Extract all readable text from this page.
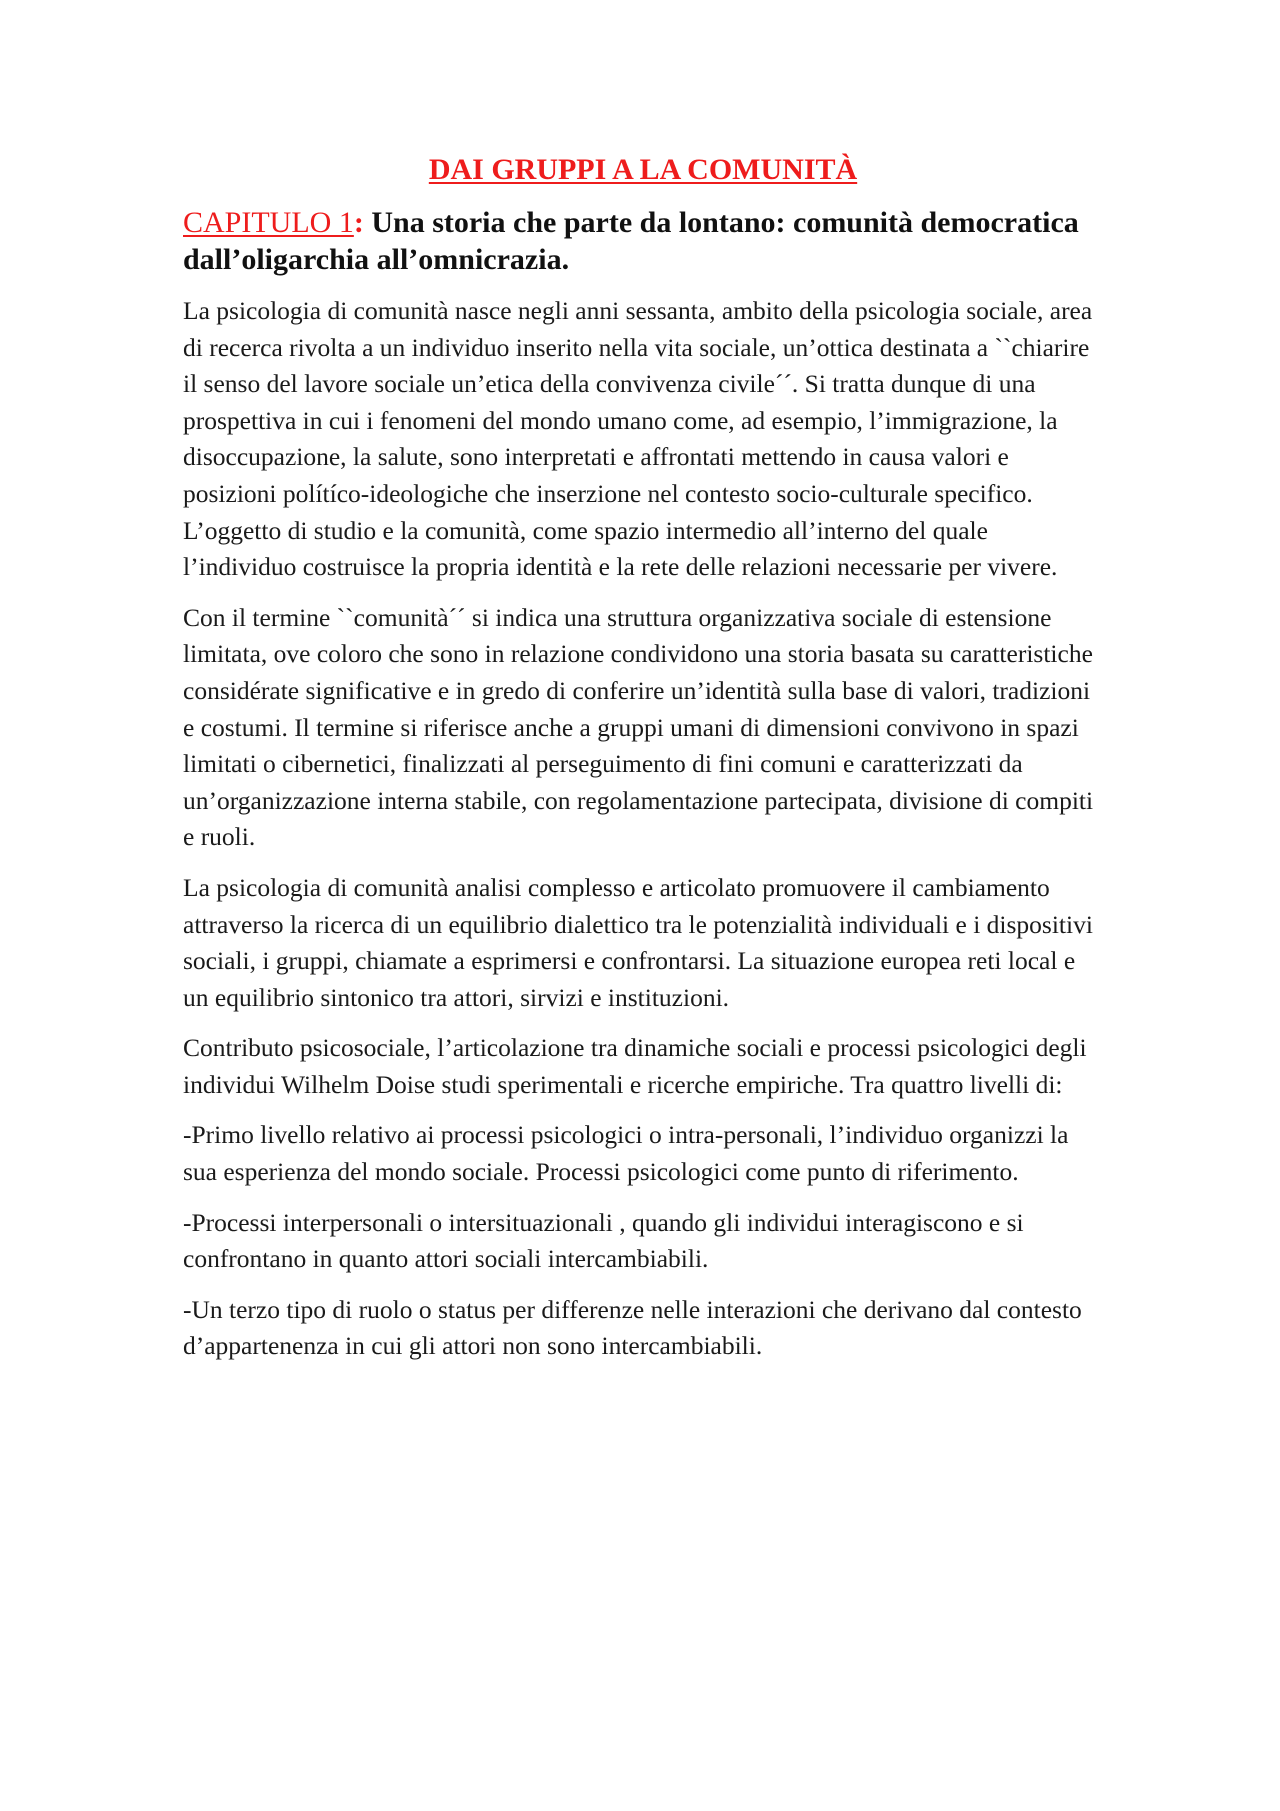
DAI GRUPPI A LA COMUNITÀ
CAPITULO 1: Una storia che parte da lontano: comunità democratica dall’oligarchia all’omnicrazia.

La psicologia di comunità nasce negli anni sessanta, ambito della psicologia sociale, area di recerca rivolta a un individuo inserito nella vita sociale, un’ottica destinata a ``chiarire il senso del lavore sociale un’etica della convivenza civile´´. Si tratta dunque di una prospettiva in cui i fenomeni del mondo umano come, ad esempio, l’immigrazione, la disoccupazione, la salute, sono interpretati e affrontati mettendo in causa valori e posizioni polítíco-ideologiche che inserzione nel contesto socio-culturale specifico. L’oggetto di studio e la comunità, come spazio intermedio all’interno del quale l’individuo costruisce la propria identità e la rete delle relazioni necessarie per vivere.

Con il termine ``comunità´´ si indica una struttura organizzativa sociale di estensione limitata, ove coloro che sono in relazione condividono una storia basata su caratteristiche considérate significative e in gredo di conferire un’identità sulla base di valori, tradizioni e costumi. Il termine si riferisce anche a gruppi umani di dimensioni convivono in spazi limitati o cibernetici, finalizzati al perseguimento di fini comuni e caratterizzati da un’organizzazione interna stabile, con regolamentazione partecipata, divisione di compiti e ruoli.

La psicologia di comunità analisi complesso e articolato promuovere il cambiamento attraverso la ricerca di un equilibrio dialettico tra le potenzialità individuali e i dispositivi sociali, i gruppi, chiamate a esprimersi e confrontarsi. La situazione europea reti local e un equilibrio sintonico tra attori, sirvizi e instituzioni.

Contributo psicosociale, l’articolazione tra dinamiche sociali e processi psicologici degli individui Wilhelm Doise studi sperimentali e ricerche empiriche. Tra quattro livelli di:

-Primo livello relativo ai processi psicologici o intra-personali, l’individuo organizzi la sua esperienza del mondo sociale. Processi psicologici come punto di riferimento.

-Processi interpersonali o intersituazionali , quando gli individui interagiscono e si confrontano in quanto attori sociali intercambiabili.

-Un terzo tipo di ruolo o status per differenze nelle interazioni che derivano dal contesto d’appartenenza in cui gli attori non sono intercambiabili.
